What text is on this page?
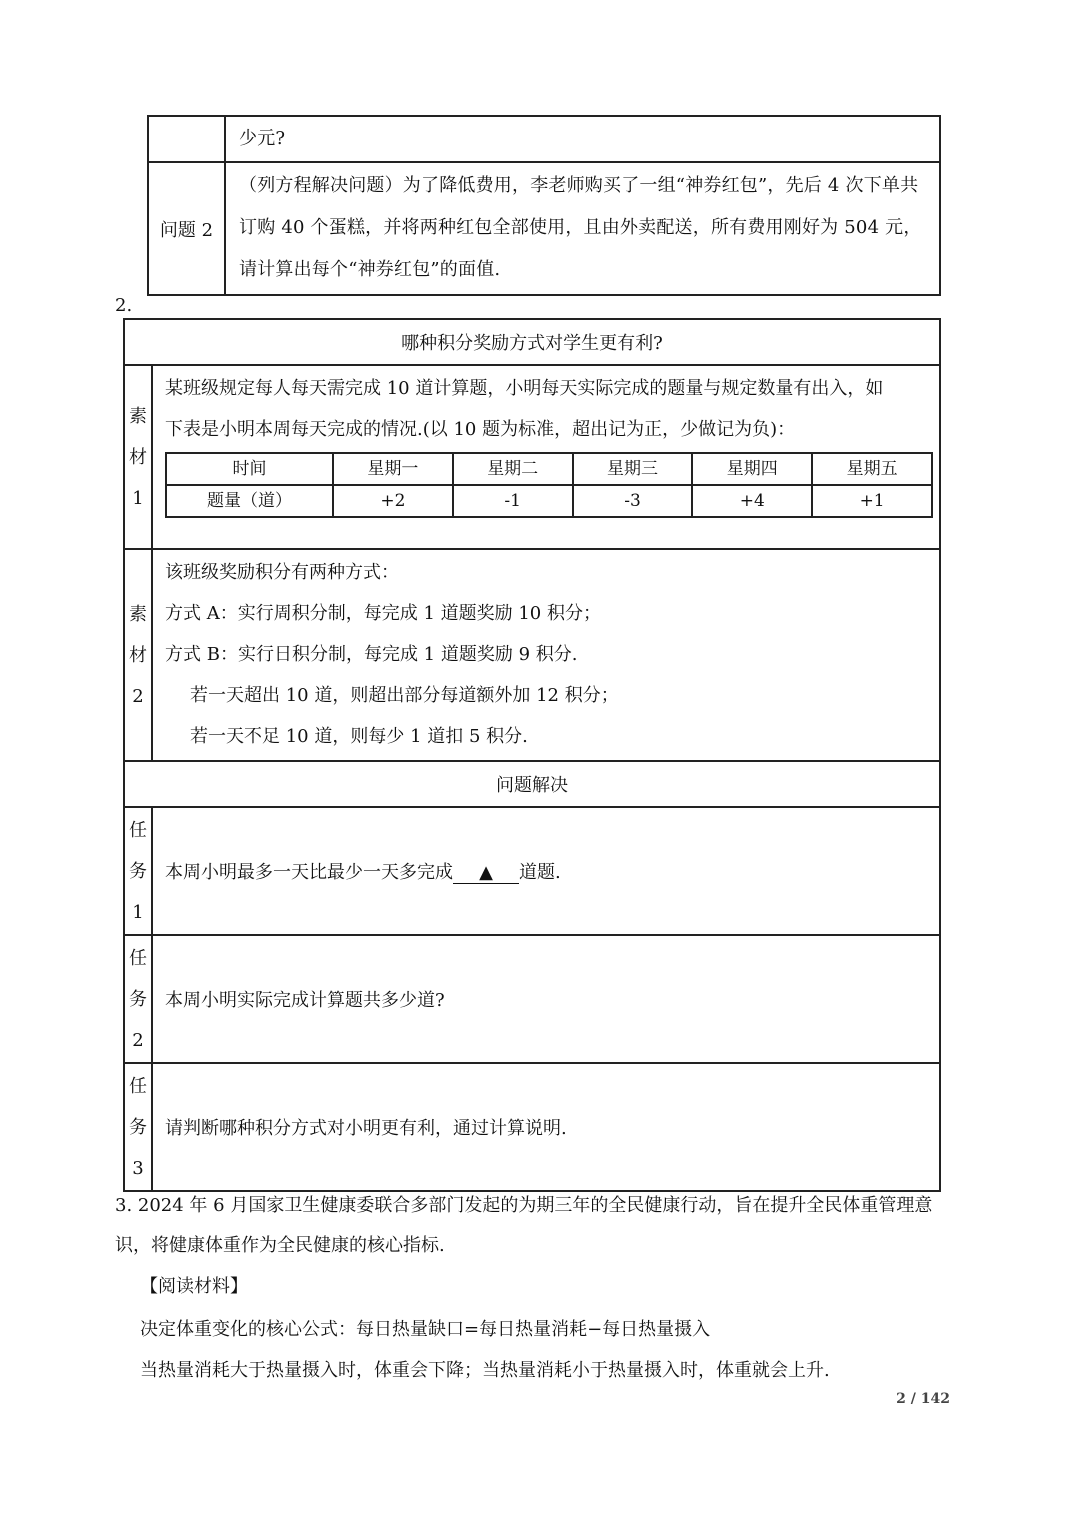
	少元?
问题 2	（列方程解决问题）为了降低费用，李老师购买了一组“神券红包”，先后 4 次下单共
订购 40 个蛋糕，并将两种红包全部使用，且由外卖配送，所有费用刚好为 504 元，
请计算出每个“神券红包”的面值.
2.
哪种积分奖励方式对学生更有利?
素材1	
某班级规定每人每天需完成 10 道计算题，小明每天实际完成的题量与规定数量有出入，如
下表是小明本周每天完成的情况.(以 10 题为标准，超出记为正，少做记为负)：
时间	星期一	星期二	星期三	星期四	星期五
题量（道）	+2	-1	-3	+4	+1

素材2	
该班级奖励积分有两种方式：
方式 A：实行周积分制，每完成 1 道题奖励 10 积分；
方式 B：实行日积分制，每完成 1 道题奖励 9 积分.
若一天超出 10 道，则超出部分每道额外加 12 积分；
若一天不足 10 道，则每少 1 道扣 5 积分.

问题解决
任务1	本周小明最多一天比最少一天多完成 ▲ 道题.
任务2	本周小明实际完成计算题共多少道?
任务3	请判断哪种积分方式对小明更有利，通过计算说明.
3. 2024 年 6 月国家卫生健康委联合多部门发起的为期三年的全民健康行动，旨在提升全民体重管理意
识，将健康体重作为全民健康的核心指标.
【阅读材料】
决定体重变化的核心公式：每日热量缺口=每日热量消耗−每日热量摄入
当热量消耗大于热量摄入时，体重会下降；当热量消耗小于热量摄入时，体重就会上升.
2 / 142
